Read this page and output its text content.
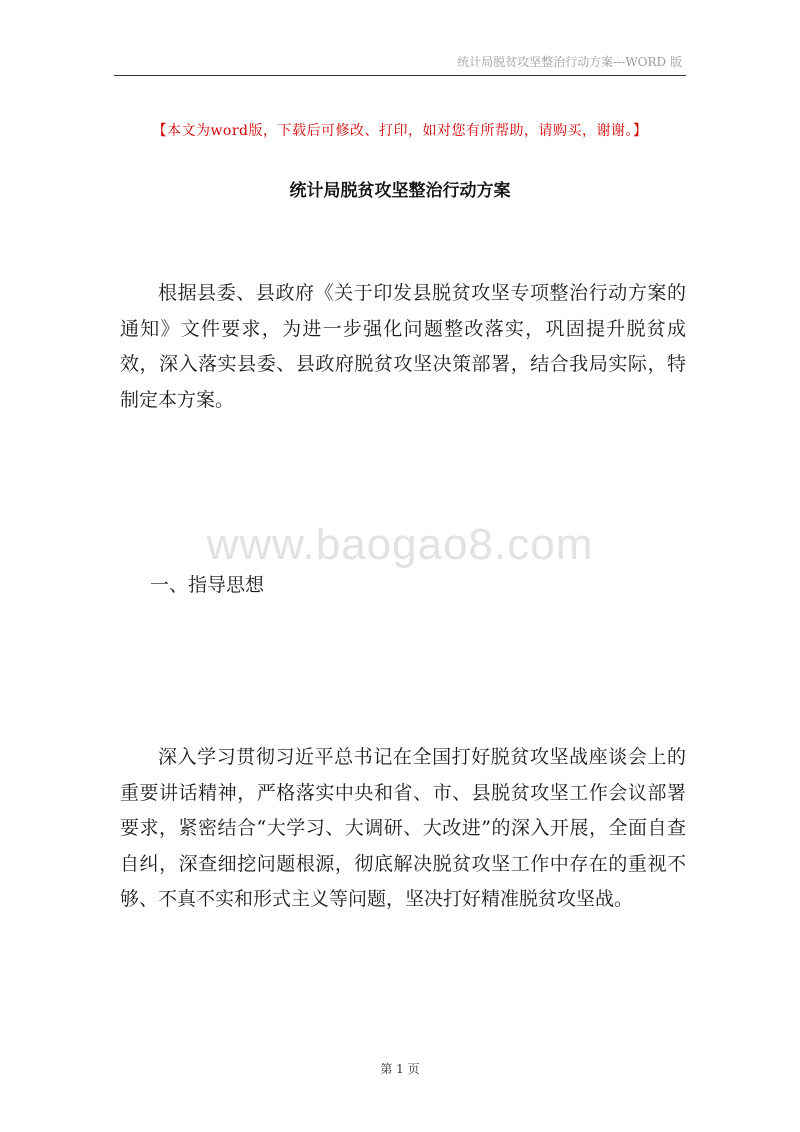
统计局脱贫攻坚整治行动方案---WORD 版
【本文为word版，下载后可修改、打印，如对您有所帮助，请购买，谢谢。】
统计局脱贫攻坚整治行动方案
根据县委、县政府《关于印发县脱贫攻坚专项整治行动方案的通知》文件要求，为进一步强化问题整改落实，巩固提升脱贫成效，深入落实县委、县政府脱贫攻坚决策部署，结合我局实际，特制定本方案。
www.baogao8.com
一、指导思想
深入学习贯彻习近平总书记在全国打好脱贫攻坚战座谈会上的重要讲话精神，严格落实中央和省、市、县脱贫攻坚工作会议部署要求，紧密结合“大学习、大调研、大改进”的深入开展，全面自查自纠，深查细挖问题根源，彻底解决脱贫攻坚工作中存在的重视不够、不真不实和形式主义等问题，坚决打好精准脱贫攻坚战。
第 1 页
